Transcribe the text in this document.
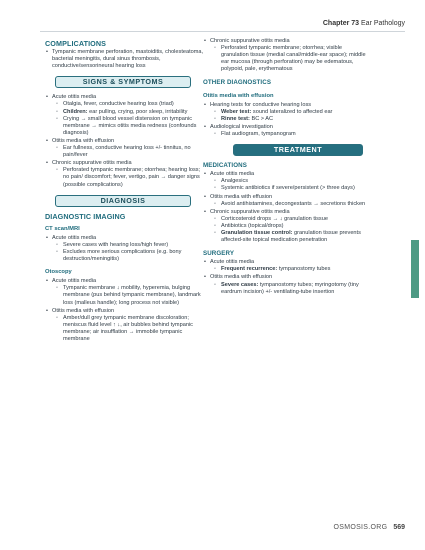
Chapter 73 Ear Pathology
COMPLICATIONS
• Tympanic membrane perforation, mastoiditis, cholesteatoma, bacterial meningitis, dural sinus thrombosis, conductive/sensorineural hearing loss
SIGNS & SYMPTOMS
• Acute otitis media
◦ Otalgia, fever, conductive hearing loss (triad)
◦ Children: ear pulling, crying, poor sleep, irritability
◦ Crying → small blood vessel distension on tympanic membrane → mimics otitis media redness (confounds diagnosis)
• Otitis media with effusion
◦ Ear fullness, conductive hearing loss +/- tinnitus, no pain/fever
• Chronic suppurative otitis media
◦ Perforated tympanic membrane; otorrhea; hearing loss; no pain/ discomfort; fever, vertigo, pain → danger signs (possible complications)
DIAGNOSIS
DIAGNOSTIC IMAGING
CT scan/MRI
• Acute otitis media
◦ Severe cases with hearing loss/high fever)
◦ Excludes more serious complications (e.g. bony destruction/meningitis)
Otoscopy
• Acute otitis media
◦ Tympanic membrane ↓ mobility, hyperemia, bulging membrane (pus behind tympanic membrane), landmark loss (malleus handle); long process not visible)
• Otitis media with effusion
◦ Amber/dull grey tympanic membrane discoloration; meniscus fluid level ↑ ↓, air bubbles behind tympanic membrane; air insufflation → immobile tympanic membrane
• Chronic suppurative otitis media
◦ Perforated tympanic membrane; otorrhea; visible granulation tissue (medial canal/middle-ear space); middle ear mucosa (through perforation) may be edematous, polypoid, pale, erythematous
OTHER DIAGNOSTICS
Otitis media with effusion
• Hearing tests for conductive hearing loss
◦ Weber test: sound lateralized to affected ear
◦ Rinne test: BC > AC
• Audiological investigation
◦ Flat audiogram, tympanogram
TREATMENT
MEDICATIONS
• Acute otitis media
◦ Analgesics
◦ Systemic antibiotics if severe/persistent (> three days)
• Otitis media with effusion
◦ Avoid antihistamines, decongestants → secretions thicken
• Chronic suppurative otitis media
◦ Corticosteroid drops → ↓ granulation tissue
◦ Antibiotics (topical/drops)
◦ Granulation tissue control: granulation tissue prevents affected-site topical medication penetration
SURGERY
• Acute otitis media
◦ Frequent recurrence: tympanostomy tubes
• Otitis media with effusion
◦ Severe cases: tympanostomy tubes; myringotomy (tiny eardrum incision) +/- ventilating-tube insertion
OSMOSIS.ORG 569
